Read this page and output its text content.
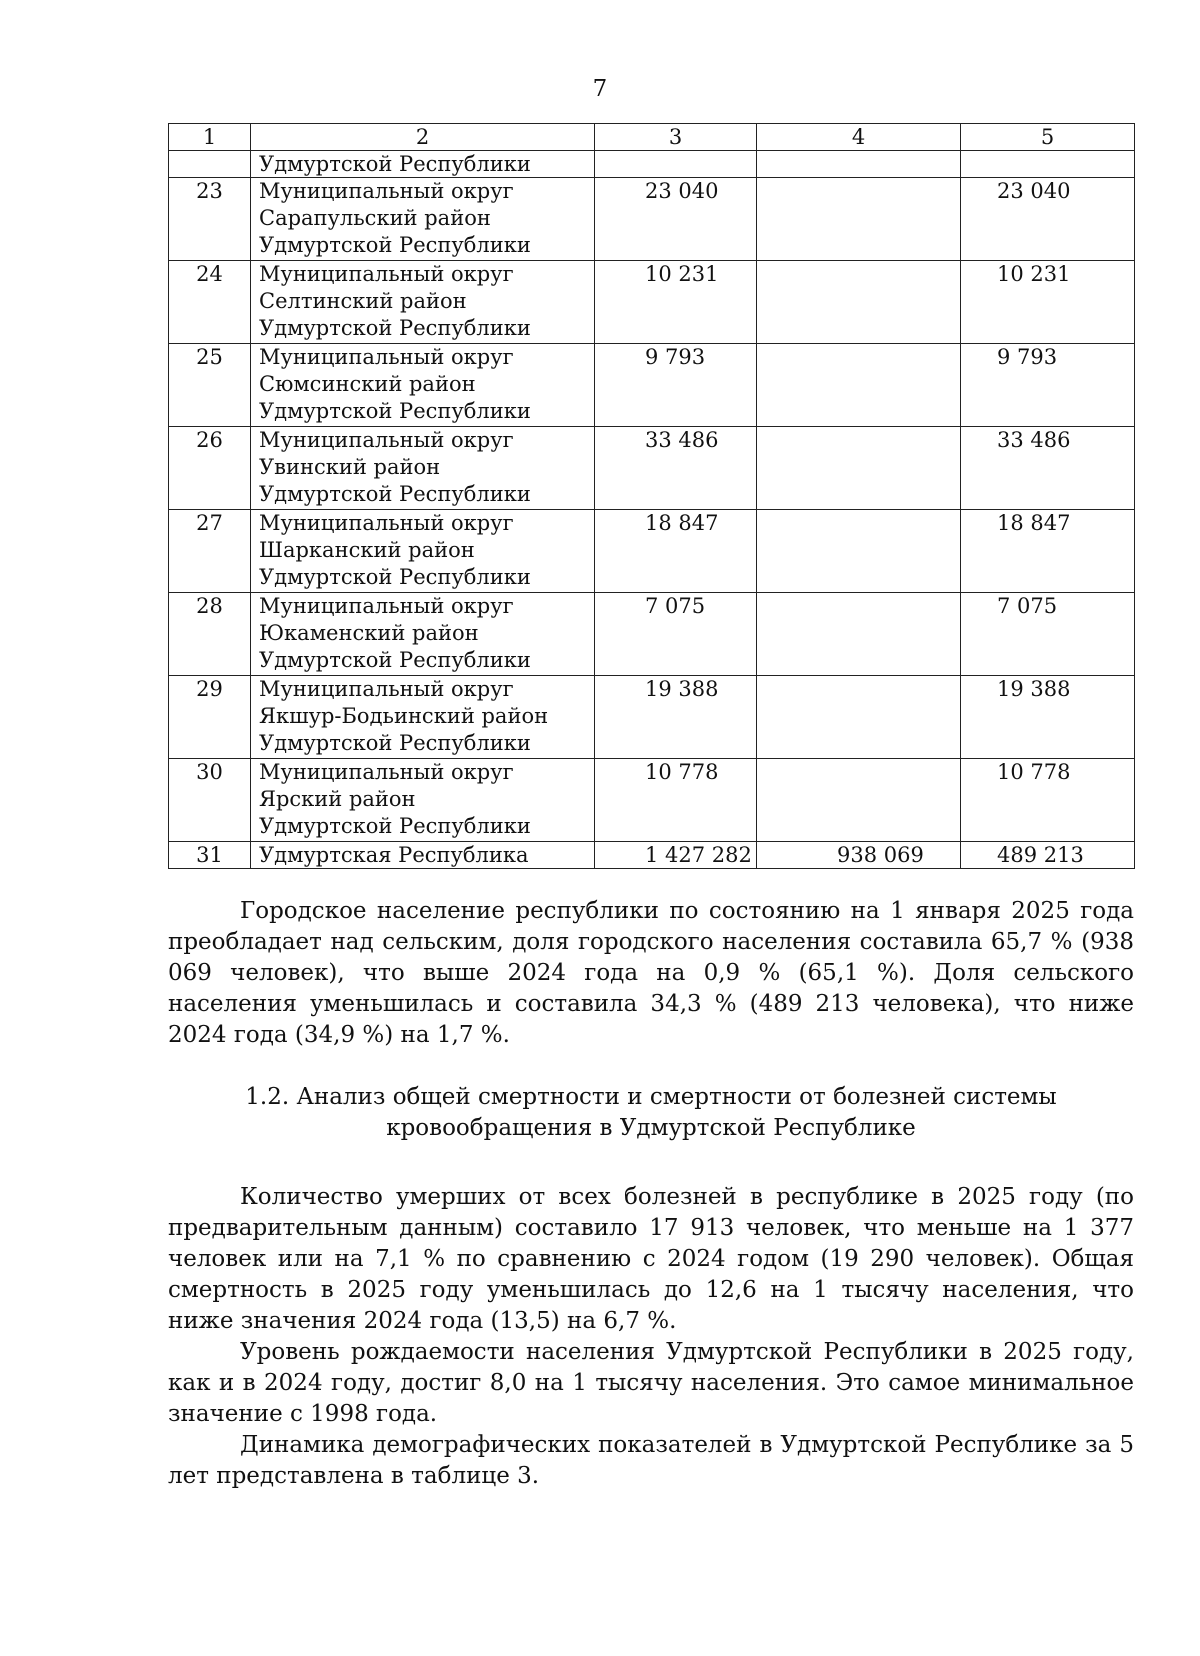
7
1	2	3	4	5
	Удмуртской Республики			
23	Муниципальный округ
Сарапульский район
Удмуртской Республики	23 040		23 040
24	Муниципальный округ
Селтинский район
Удмуртской Республики	10 231		10 231
25	Муниципальный округ
Сюмсинский район
Удмуртской Республики	9 793		9 793
26	Муниципальный округ
Увинский район
Удмуртской Республики	33 486		33 486
27	Муниципальный округ
Шарканский район
Удмуртской Республики	18 847		18 847
28	Муниципальный округ
Юкаменский район
Удмуртской Республики	7 075		7 075
29	Муниципальный округ
Якшур-Бодьинский район
Удмуртской Республики	19 388		19 388
30	Муниципальный округ
Ярский район
Удмуртской Республики	10 778		10 778
31	Удмуртская Республика	1 427 282	938 069	489 213

Городское население республики по состоянию на 1 января 2025 года преобладает над сельским, доля городского населения составила 65,7 % (938 069 человек), что выше 2024 года на 0,9 % (65,1 %). Доля сельского населения уменьшилась и составила 34,3 % (489 213 человека), что ниже 2024 года (34,9 %) на 1,7 %.

1.2. Анализ общей смертности и смертности от болезней системы
кровообращения в Удмуртской Республике

Количество умерших от всех болезней в республике в 2025 году (по предварительным данным) составило 17 913 человек, что меньше на 1 377 человек или на 7,1 % по сравнению с 2024 годом (19 290 человек). Общая смертность в 2025 году уменьшилась до 12,6 на 1 тысячу населения, что ниже значения 2024 года (13,5) на 6,7 %.

Уровень рождаемости населения Удмуртской Республики в 2025 году, как и в 2024 году, достиг 8,0 на 1 тысячу населения. Это самое минимальное значение с 1998 года.

Динамика демографических показателей в Удмуртской Республике за 5 лет представлена в таблице 3.
